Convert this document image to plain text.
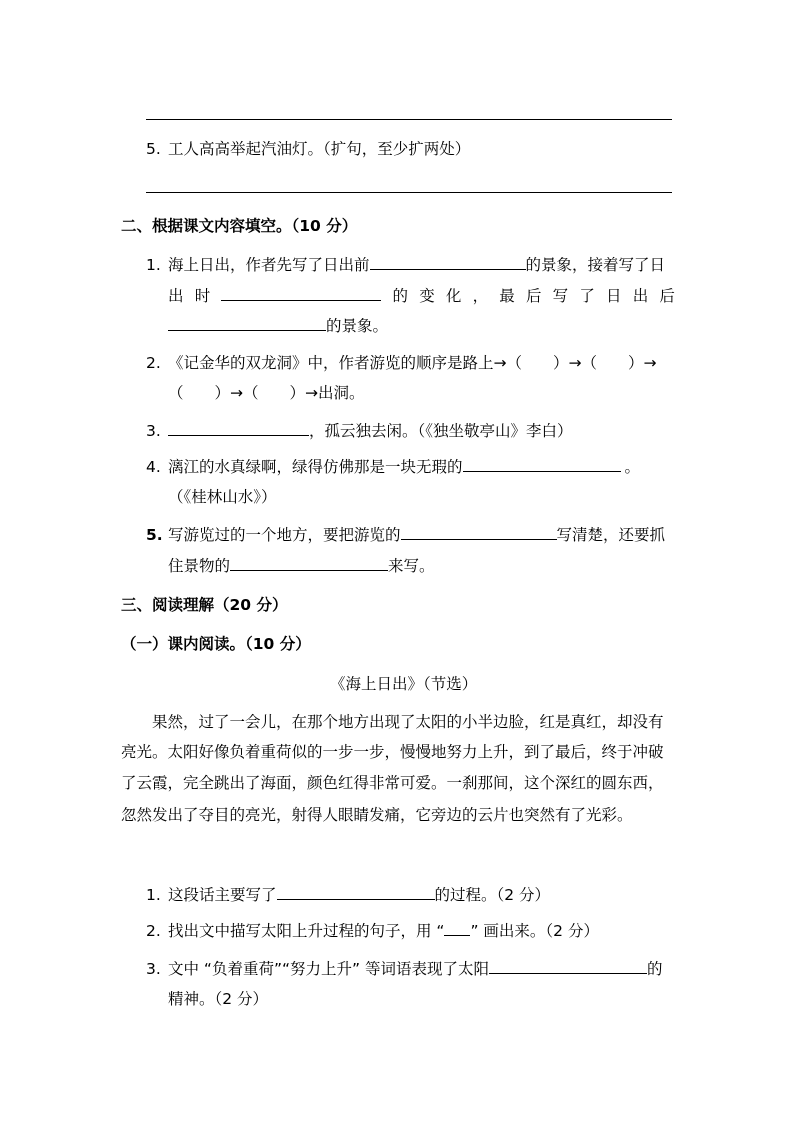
5. 工人高高举起汽油灯。（扩句，至少扩两处）
二、根据课文内容填空。（10 分）
1. 海上日出，作者先写了日出前	的景象，接着写了日
出 时	的 变 化 ， 最 后 写 了 日 出 后
的景象。
2. 《记金华的双龙洞》中，作者游览的顺序是路上→（　　）→（　　）→
（　　）→（　　）→出洞。
3.	，孤云独去闲。（《独坐敬亭山》李白）
4. 漓江的水真绿啊，绿得仿佛那是一块无瑕的	。
（《桂林山水》）
5. 写游览过的一个地方，要把游览的	写清楚，还要抓
住景物的	来写。
三、阅读理解（20 分）
（一）课内阅读。（10 分）
《海上日出》（节选）
果然，过了一会儿，在那个地方出现了太阳的小半边脸，红是真红，却没有
亮光。太阳好像负着重荷似的一步一步，慢慢地努力上升，到了最后，终于冲破
了云霞，完全跳出了海面，颜色红得非常可爱。一刹那间，这个深红的圆东西，
忽然发出了夺目的亮光，射得人眼睛发痛，它旁边的云片也突然有了光彩。
1. 这段话主要写了	的过程。（2 分）
2. 找出文中描写太阳上升过程的句子，用 “ ” 画出来。（2 分）
3. 文中 “负着重荷”“努力上升” 等词语表现了太阳	的
精神。（2 分）
